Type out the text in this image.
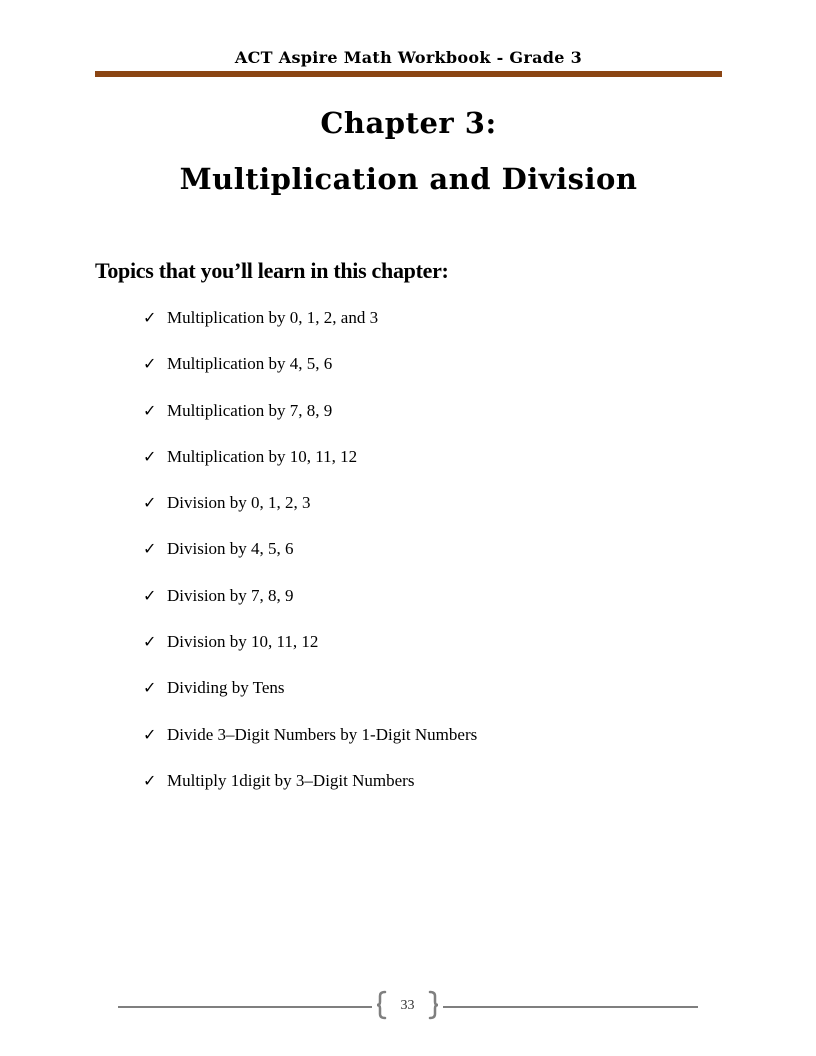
ACT Aspire Math Workbook - Grade 3
Chapter 3:
Multiplication and Division
Topics that you’ll learn in this chapter:
✓ Multiplication by 0, 1, 2, and 3
✓ Multiplication by 4, 5, 6
✓ Multiplication by 7, 8, 9
✓ Multiplication by 10, 11, 12
✓ Division by 0, 1, 2, 3
✓ Division by 4, 5, 6
✓ Division by 7, 8, 9
✓ Division by 10, 11, 12
✓ Dividing by Tens
✓ Divide 3–Digit Numbers by 1-Digit Numbers
✓ Multiply 1digit by 3–Digit Numbers
33
